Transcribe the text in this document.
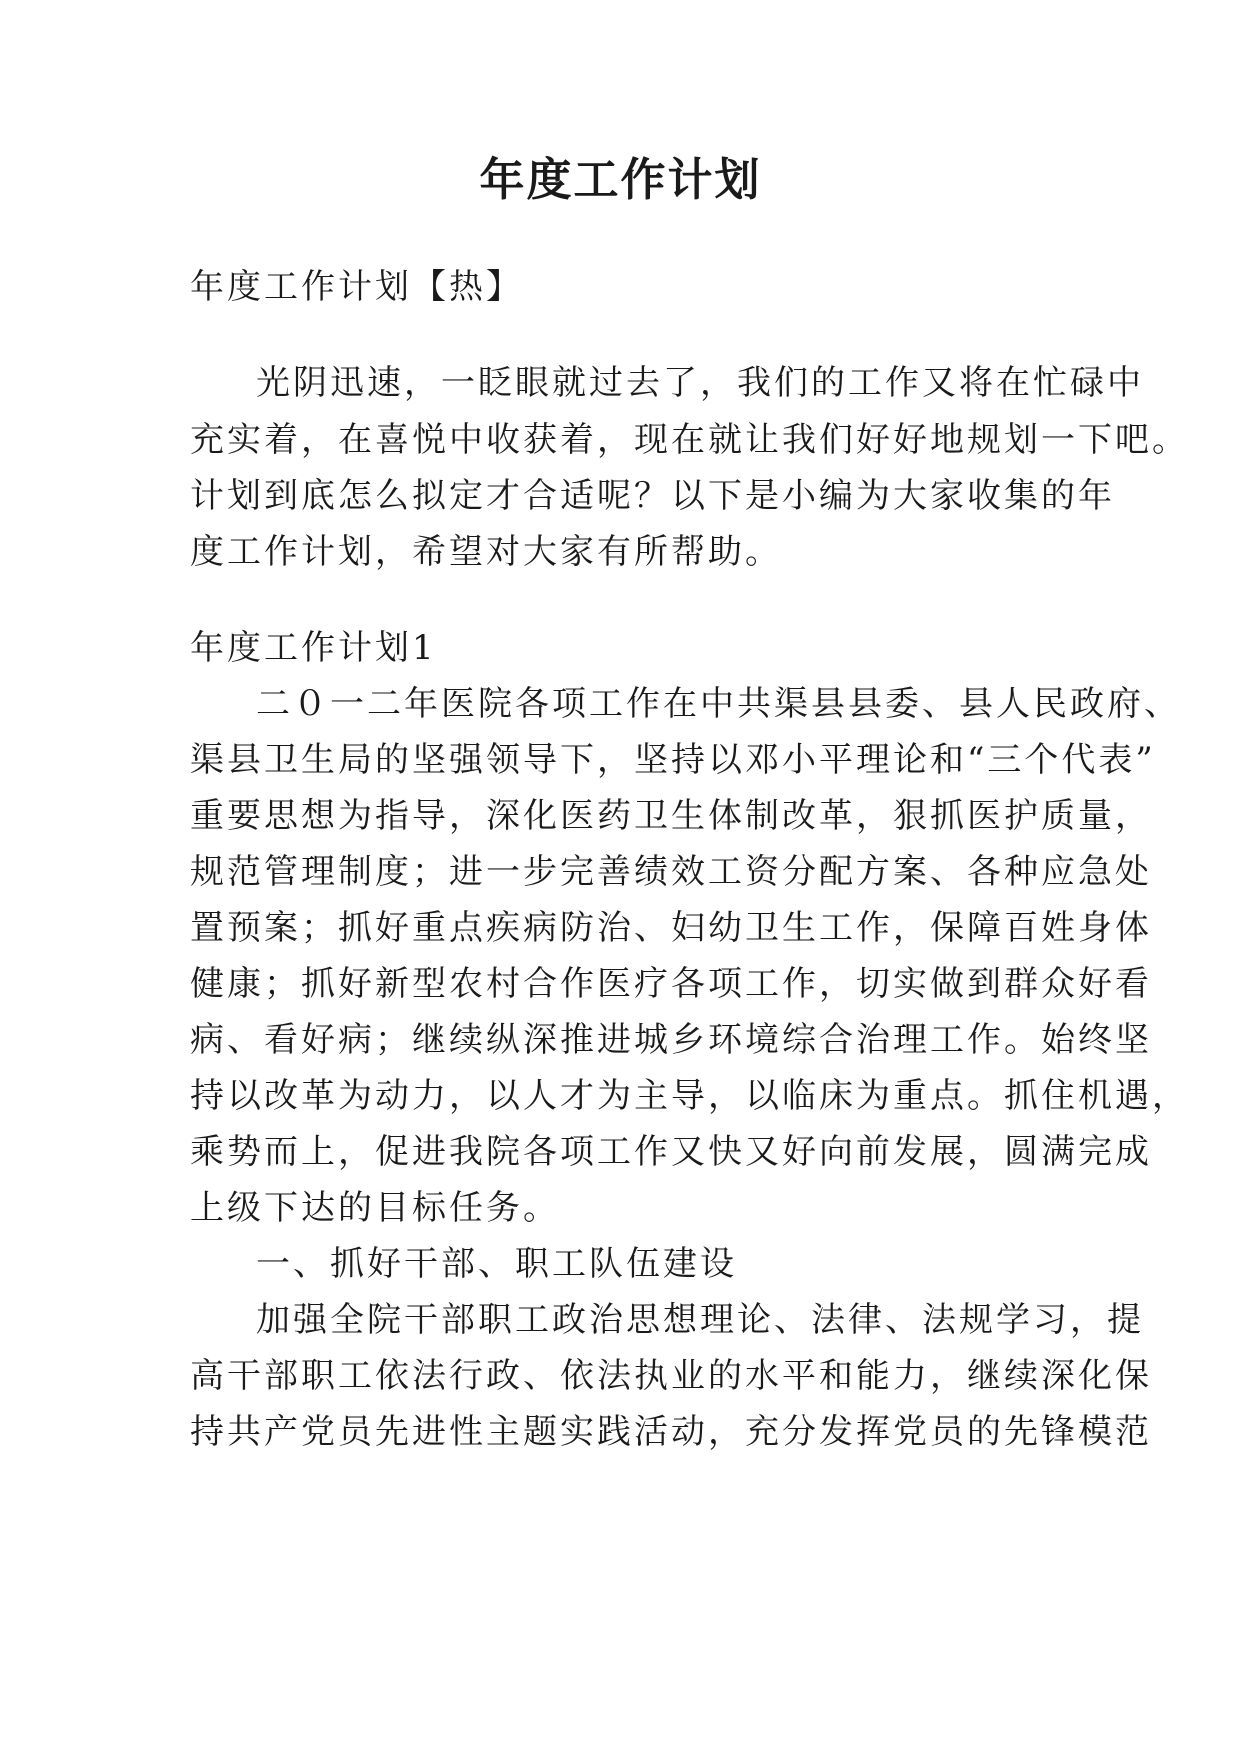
年度工作计划
年度工作计划【热】
光阴迅速，一眨眼就过去了，我们的工作又将在忙碌中
充实着，在喜悦中收获着，现在就让我们好好地规划一下吧。
计划到底怎么拟定才合适呢？以下是小编为大家收集的年
度工作计划，希望对大家有所帮助。
年度工作计划1
二０一二年医院各项工作在中共渠县县委、县人民政府、
渠县卫生局的坚强领导下，坚持以邓小平理论和“三个代表”
重要思想为指导，深化医药卫生体制改革，狠抓医护质量，
规范管理制度；进一步完善绩效工资分配方案、各种应急处
置预案；抓好重点疾病防治、妇幼卫生工作，保障百姓身体
健康；抓好新型农村合作医疗各项工作，切实做到群众好看
病、看好病；继续纵深推进城乡环境综合治理工作。始终坚
持以改革为动力，以人才为主导，以临床为重点。抓住机遇，
乘势而上，促进我院各项工作又快又好向前发展，圆满完成
上级下达的目标任务。
一、抓好干部、职工队伍建设
加强全院干部职工政治思想理论、法律、法规学习，提
高干部职工依法行政、依法执业的水平和能力，继续深化保
持共产党员先进性主题实践活动，充分发挥党员的先锋模范
